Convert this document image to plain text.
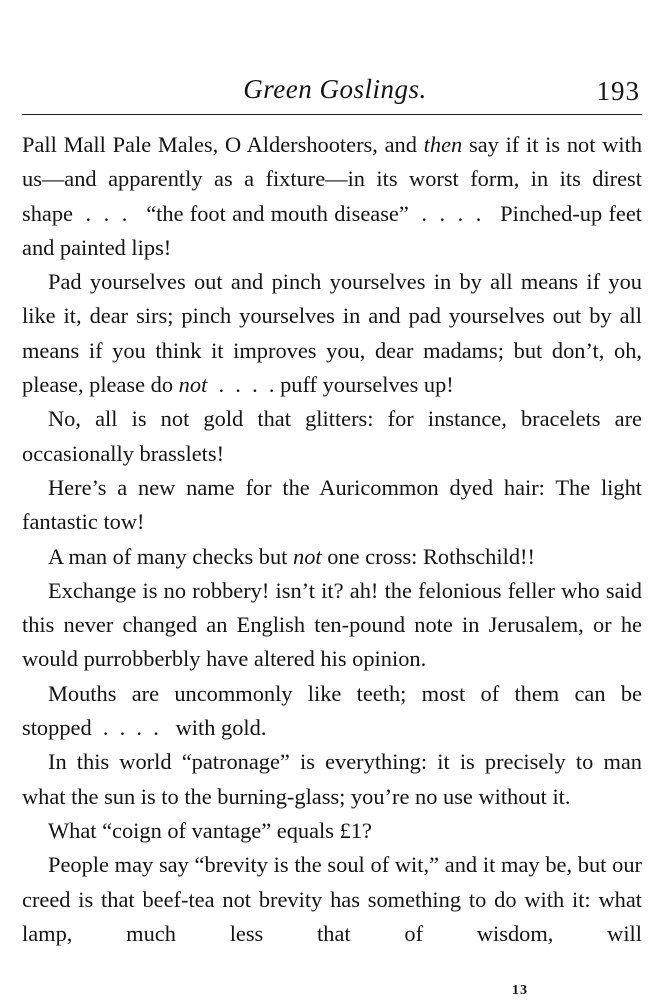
Green Goslings.	193

Pall Mall Pale Males, O Aldershooters, and then say if it is not with us—and apparently as a fixture—in its worst form, in its direst shape  .  .  .   “the foot and mouth disease”  .  .  .  .   Pinched-up feet and painted lips!

Pad yourselves out and pinch yourselves in by all means if you like it, dear sirs; pinch yourselves in and pad yourselves out by all means if you think it improves you, dear madams; but don’t, oh, please, please do not  .  .  .  . puff yourselves up!

No, all is not gold that glitters: for instance, bracelets are occasionally brasslets!

Here’s a new name for the Auricommon dyed hair: The light fantastic tow!

A man of many checks but not one cross: Rothschild!!

Exchange is no robbery! isn’t it? ah! the felonious feller who said this never changed an English ten-pound note in Jerusalem, or he would purrobberbly have altered his opinion.

Mouths are uncommonly like teeth; most of them can be stopped  .  .  .  .   with gold.

In this world “patronage” is everything: it is precisely to man what the sun is to the burning-glass; you’re no use without it.

What “coign of vantage” equals £1?

People may say “brevity is the soul of wit,” and it may be, but our creed is that beef-tea not brevity has something to do with it: what lamp, much less that of wisdom, will

13
